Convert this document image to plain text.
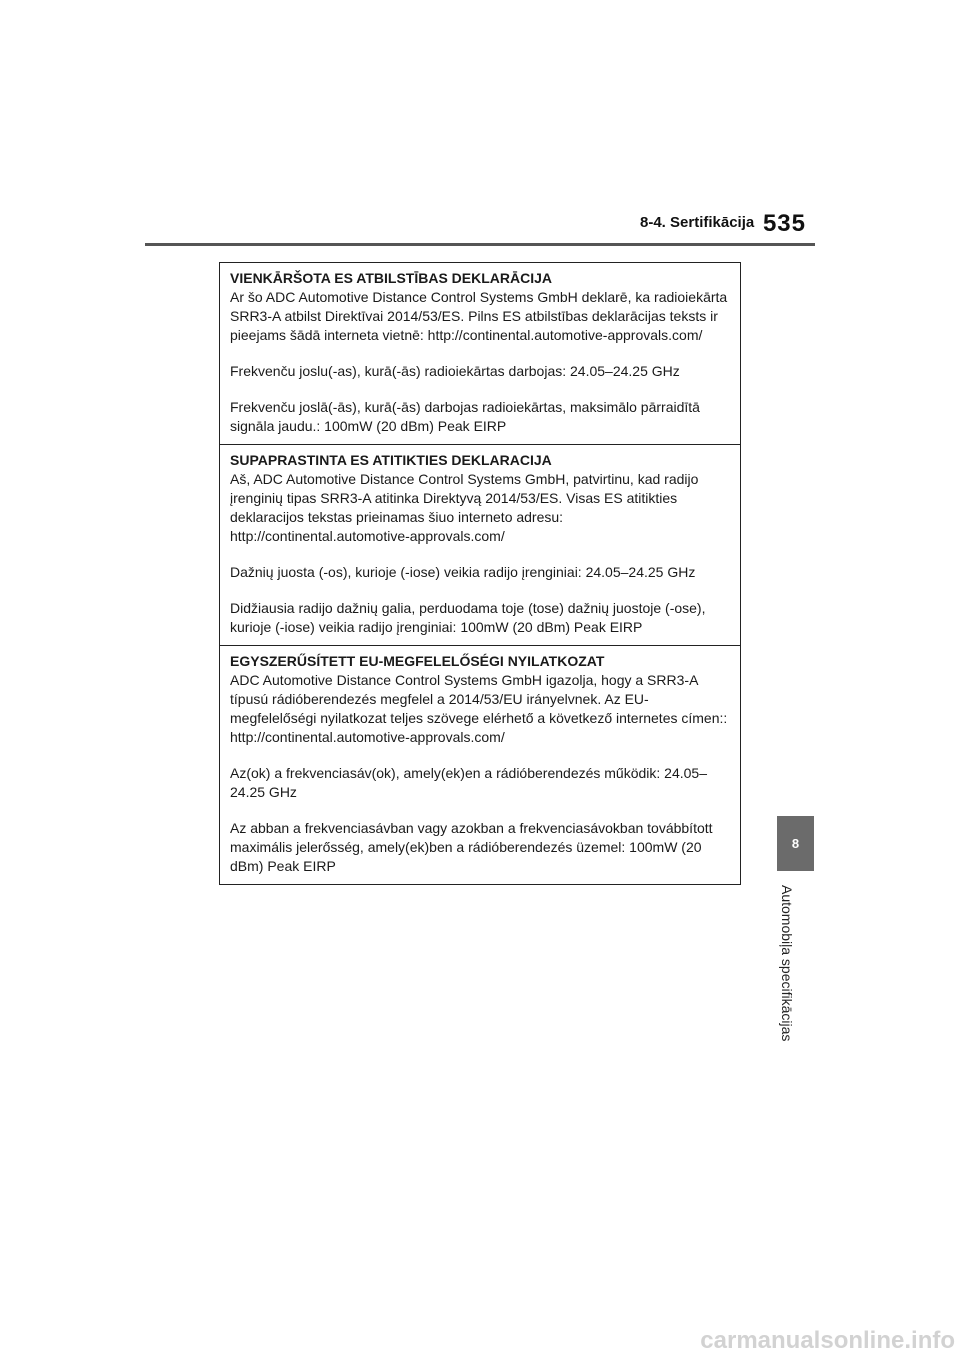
8-4. Sertifikācija 535
8
Automobiļa specifikācijas
VIENKĀRŠOTA ES ATBILSTĪBAS DEKLARĀCIJA

Ar šo ADC Automotive Distance Control Systems GmbH deklarē, ka radioiekārta SRR3-A atbilst Direktīvai 2014/53/ES. Pilns ES atbilstības deklarācijas teksts ir pieejams šādā interneta vietnē: http://continental.automotive-approvals.com/

Frekvenču joslu(-as), kurā(-ās) radioiekārtas darbojas: 24.05–24.25 GHz

Frekvenču joslā(-ās), kurā(-ās) darbojas radioiekārtas, maksimālo pārraidītā signāla jaudu.: 100mW (20 dBm) Peak EIRP

SUPAPRASTINTA ES ATITIKTIES DEKLARACIJA

Aš, ADC Automotive Distance Control Systems GmbH, patvirtinu, kad radijo įrenginių tipas SRR3-A atitinka Direktyvą 2014/53/ES. Visas ES atitikties deklaracijos tekstas prieinamas šiuo interneto adresu: http://continental.automotive-approvals.com/

Dažnių juosta (-os), kurioje (-iose) veikia radijo įrenginiai: 24.05–24.25 GHz

Didžiausia radijo dažnių galia, perduodama toje (tose) dažnių juostoje (-ose), kurioje (-iose) veikia radijo įrenginiai: 100mW (20 dBm) Peak EIRP

EGYSZERŰSÍTETT EU-MEGFELELŐSÉGI NYILATKOZAT

ADC Automotive Distance Control Systems GmbH igazolja, hogy a SRR3-A típusú rádióberendezés megfelel a 2014/53/EU irányelvnek. Az EU-megfelelőségi nyilatkozat teljes szövege elérhető a következő internetes címen:: http://continental.automotive-approvals.com/

Az(ok) a frekvenciasáv(ok), amely(ek)en a rádióberendezés működik: 24.05–24.25 GHz

Az abban a frekvenciasávban vagy azokban a frekvenciasávokban továbbított maximális jelerősség, amely(ek)ben a rádióberendezés üzemel: 100mW (20 dBm) Peak EIRP

carmanualsonline.info
